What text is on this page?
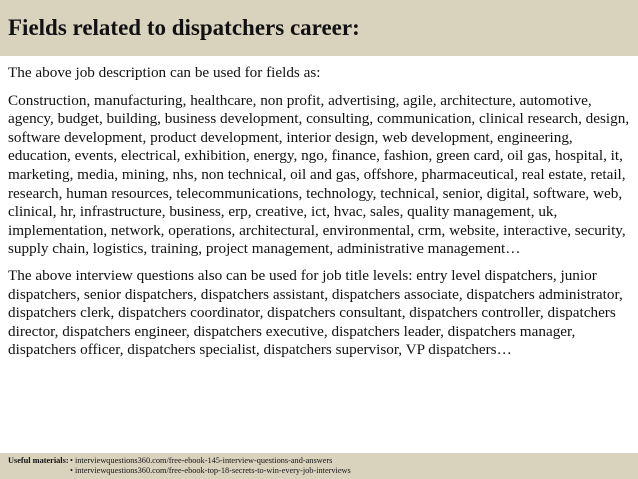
Fields related to dispatchers career:

The above job description can be used for fields as:

Construction, manufacturing, healthcare, non profit, advertising, agile, architecture, automotive, agency, budget, building, business development, consulting, communication, clinical research, design, software development, product development, interior design, web development, engineering, education, events, electrical, exhibition, energy, ngo, finance, fashion, green card, oil gas, hospital, it, marketing, media, mining, nhs, non technical, oil and gas, offshore, pharmaceutical, real estate, retail, research, human resources, telecommunications, technology, technical, senior, digital, software, web, clinical, hr, infrastructure, business, erp, creative, ict, hvac, sales, quality management, uk, implementation, network, operations, architectural, environmental, crm, website, interactive, security, supply chain, logistics, training, project management, administrative management…

The above interview questions also can be used for job title levels: entry level dispatchers, junior dispatchers, senior dispatchers, dispatchers assistant, dispatchers associate, dispatchers administrator, dispatchers clerk, dispatchers coordinator, dispatchers consultant, dispatchers controller, dispatchers director, dispatchers engineer, dispatchers executive, dispatchers leader, dispatchers manager, dispatchers officer, dispatchers specialist, dispatchers supervisor, VP dispatchers…

Useful materials: • interviewquestions360.com/free-ebook-145-interview-questions-and-answers
• interviewquestions360.com/free-ebook-top-18-secrets-to-win-every-job-interviews
